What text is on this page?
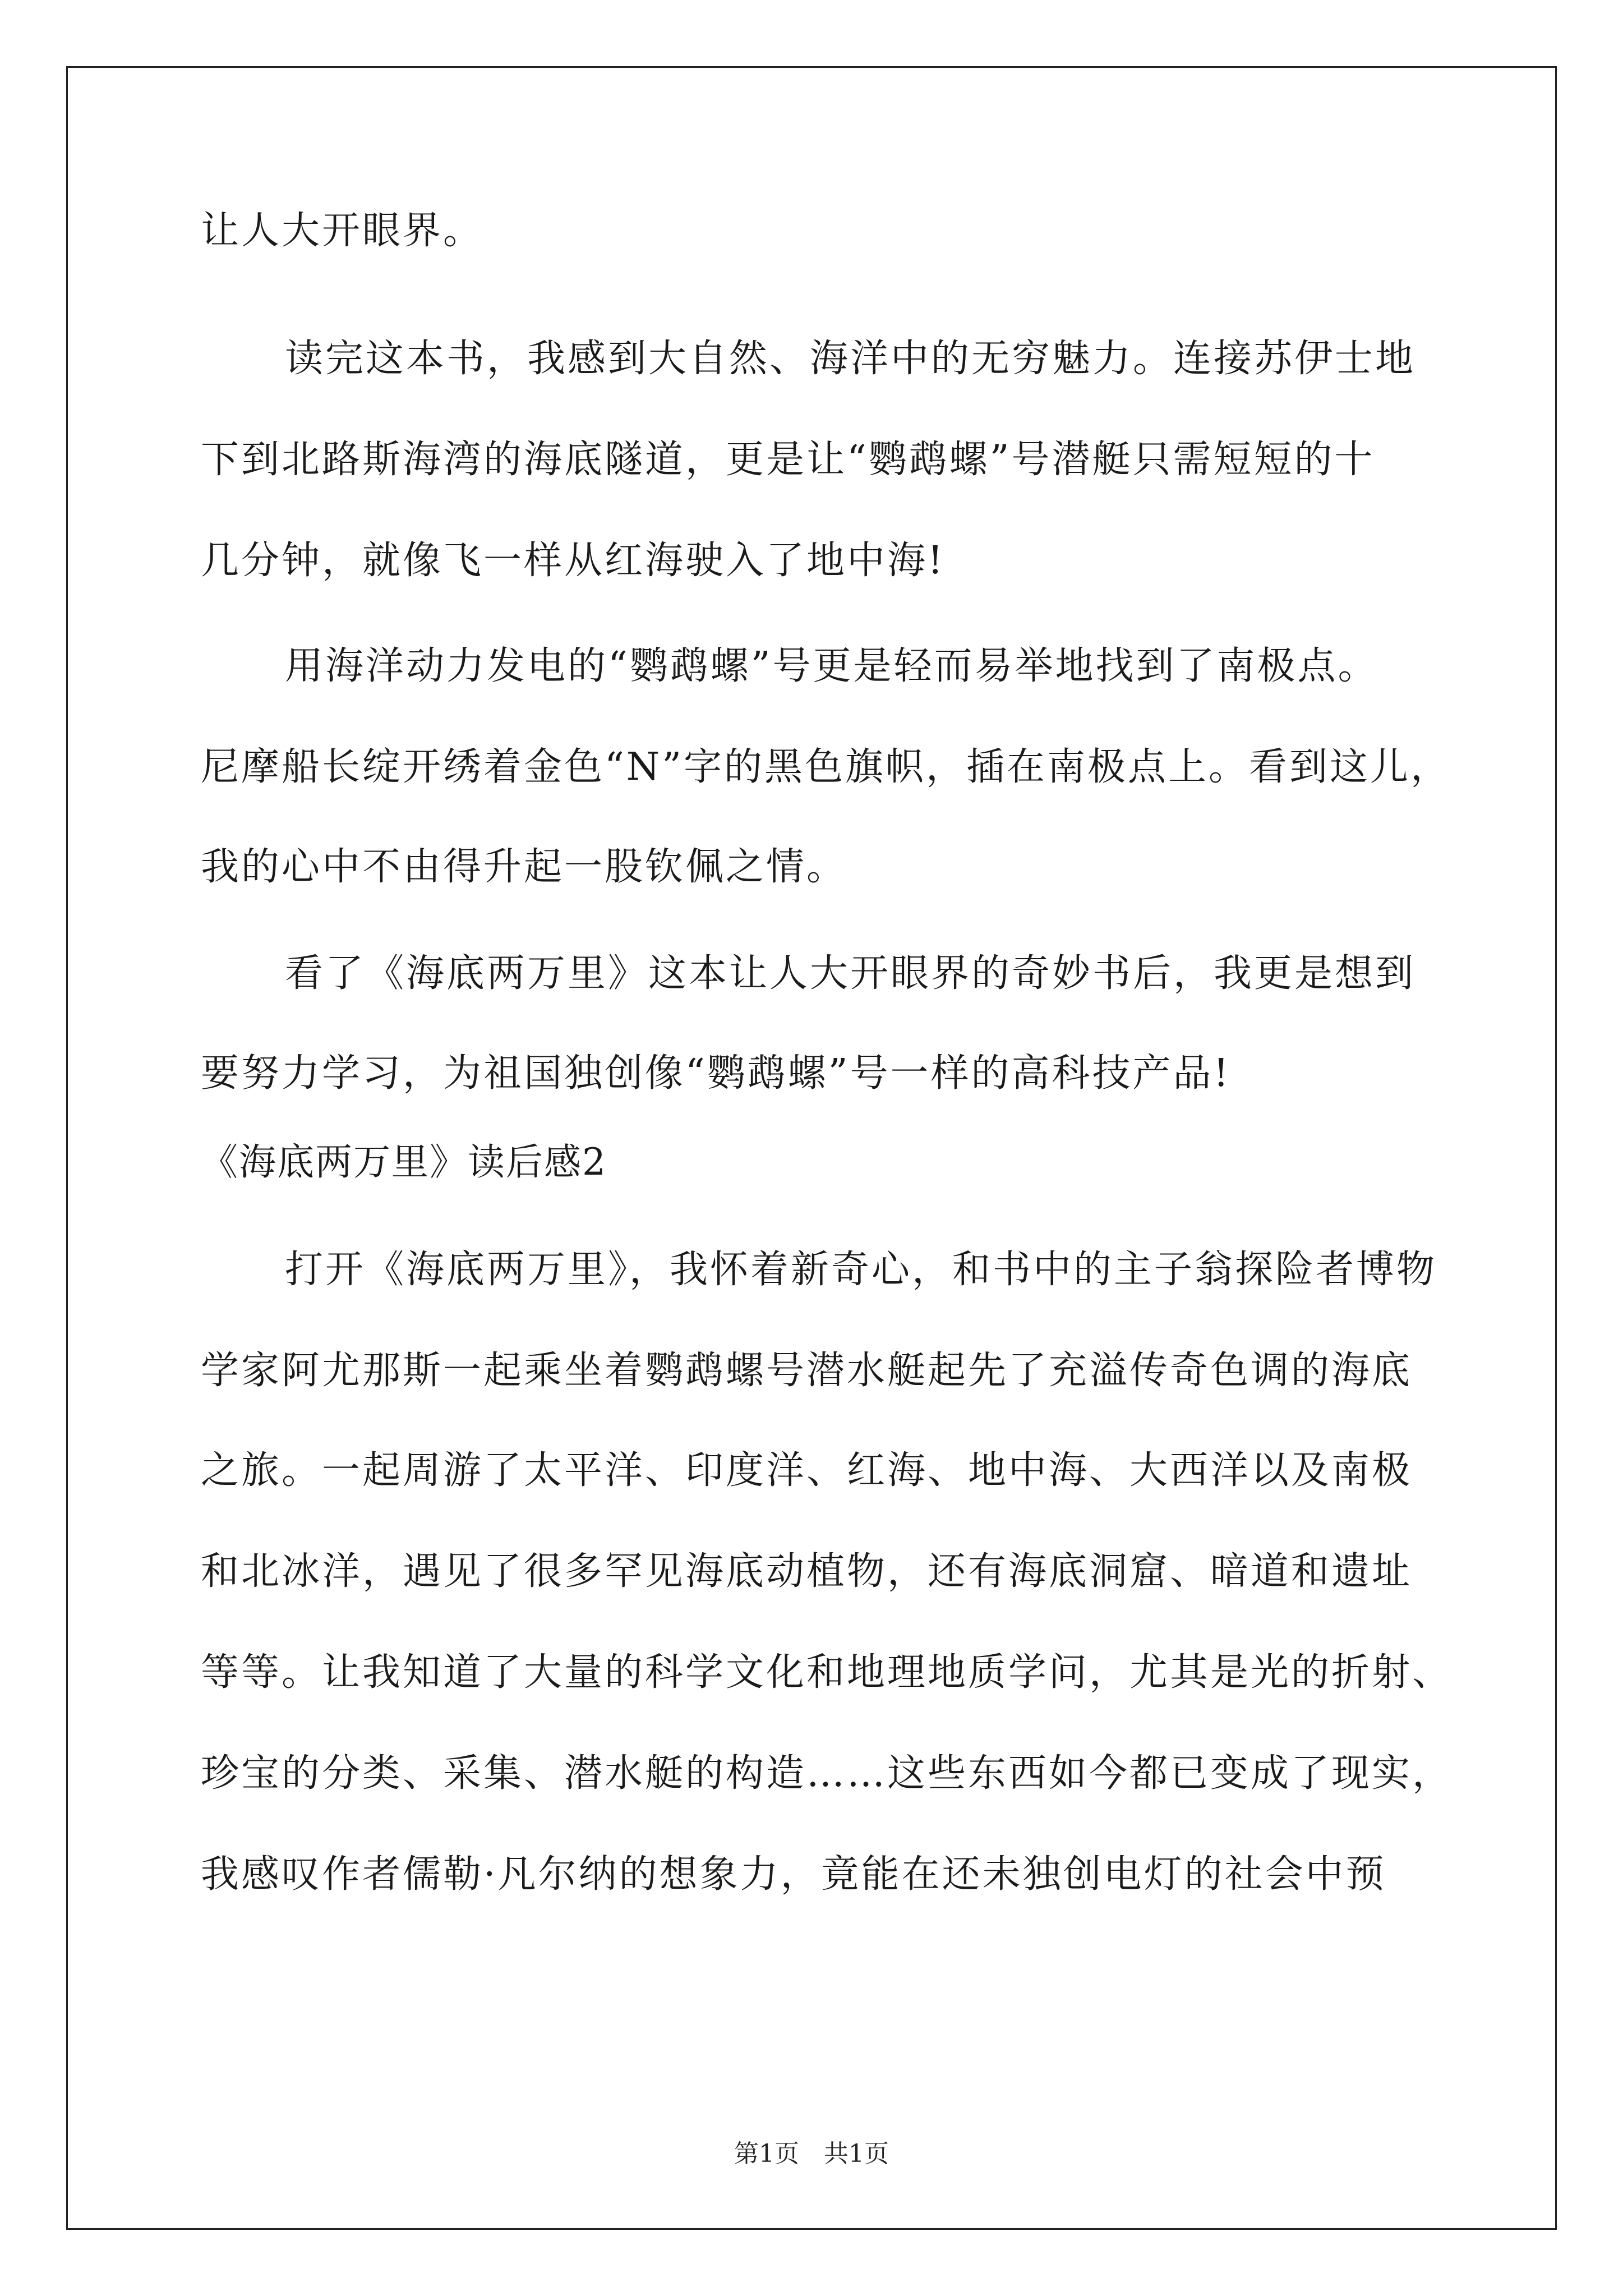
让人大开眼界。
读完这本书，我感到大自然、海洋中的无穷魅力。连接苏伊士地
下到北路斯海湾的海底隧道，更是让“鹦鹉螺”号潜艇只需短短的十
几分钟，就像飞一样从红海驶入了地中海!
用海洋动力发电的“鹦鹉螺”号更是轻而易举地找到了南极点。
尼摩船长绽开绣着金色“N”字的黑色旗帜，插在南极点上。看到这儿，
我的心中不由得升起一股钦佩之情。
看了《海底两万里》这本让人大开眼界的奇妙书后，我更是想到
要努力学习，为祖国独创像“鹦鹉螺”号一样的高科技产品!
《海底两万里》读后感2
打开《海底两万里》，我怀着新奇心，和书中的主子翁探险者博物
学家阿尤那斯一起乘坐着鹦鹉螺号潜水艇起先了充溢传奇色调的海底
之旅。一起周游了太平洋、印度洋、红海、地中海、大西洋以及南极
和北冰洋，遇见了很多罕见海底动植物，还有海底洞窟、暗道和遗址
等等。让我知道了大量的科学文化和地理地质学问，尤其是光的折射、
珍宝的分类、采集、潜水艇的构造……这些东西如今都已变成了现实，
我感叹作者儒勒·凡尔纳的想象力，竟能在还未独创电灯的社会中预
第1页　共1页
